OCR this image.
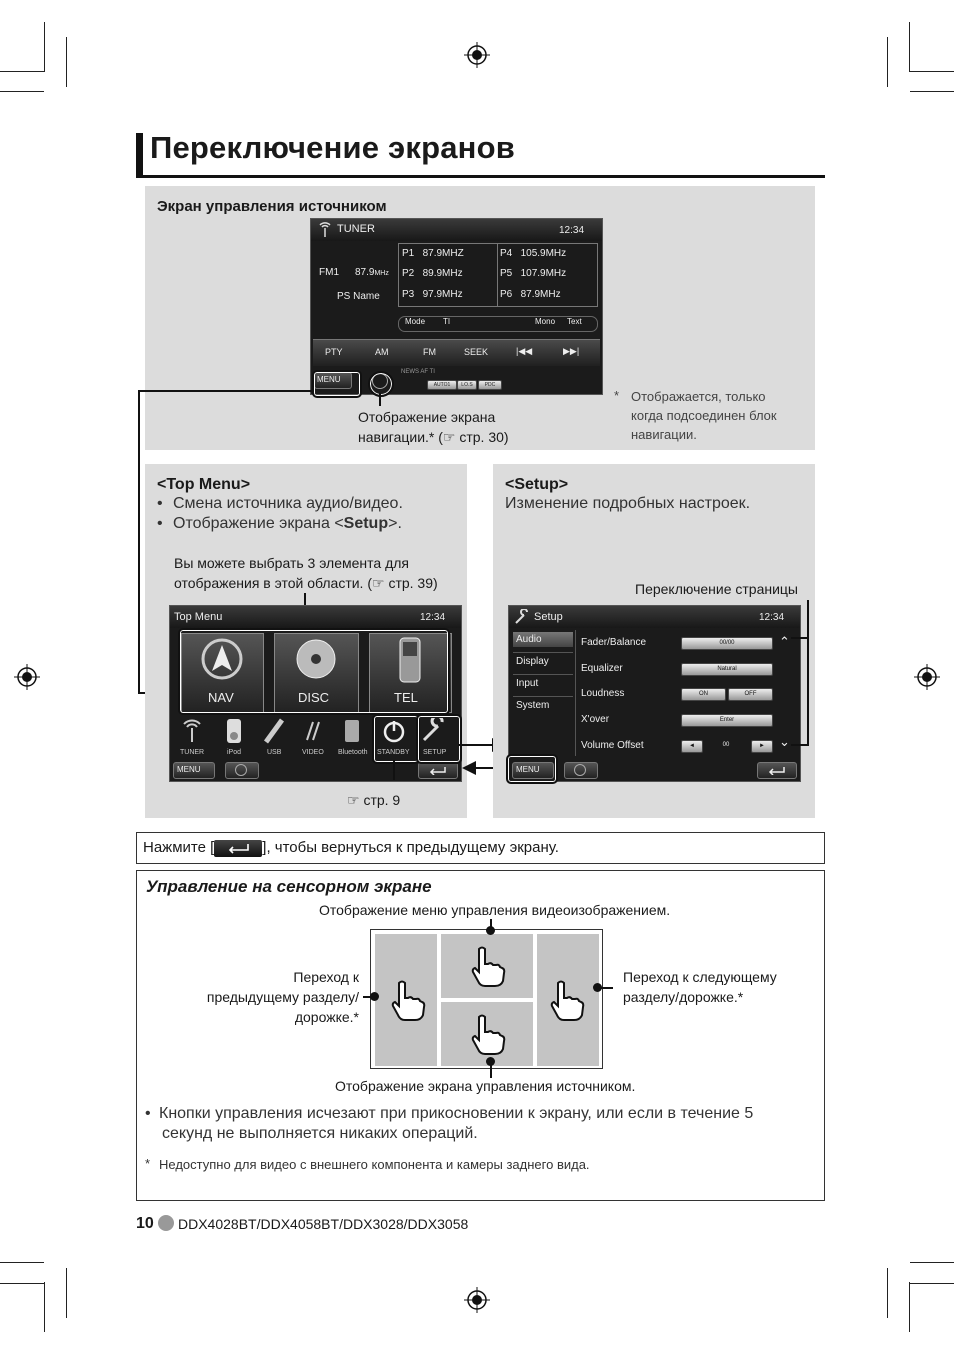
Переключение экранов
Экран управления источником
TUNER	12:34
FM1 87.9MHz
PS Name
P1 87.9MHZ
P2 89.9MHz
P3 97.9MHz
P4 105.9MHz
P5 107.9MHz
P6 87.9MHz
Mode TI	Mono Text
PTY	AM	FM	SEEK	|◀◀	▶▶|
MENU
NEWS AF TI
AUTO1	LO.S	PDC
Отображение экрана
навигации.* (☞ стр. 30)
* Отображается, только
когда подсоединен блок
навигации.
<Top Menu>
• Смена источника аудио/видео.
• Отображение экрана <Setup>.
Вы можете выбрать 3 элемента для
отображения в этой области. (☞ стр. 39)
Top Menu	12:34
NAV	DISC	TEL
TUNER	iPod	USB	VIDEO Bluetooth STANDBY SETUP
MENU
☞ стр. 9
<Setup>
Изменение подробных настроек.
Переключение страницы
Setup	12:34
Audio
Display
Input
System
Fader/Balance	00/00
Equalizer	Natural
Loudness	ON	OFF
X'over	Enter
Volume Offset	◄	00	►
⌃
⌄
MENU
Нажмите [	], чтобы вернуться к предыдущему экрану.
Управление на сенсорном экране
Отображение меню управления видеоизображением.
Переход к
предыдущему разделу/
дорожке.*
Переход к следующему
разделу/дорожке.*
Отображение экрана управления источником.
• Кнопки управления исчезают при прикосновении к экрану, или если в течение 5
секунд не выполняется никаких операций.
* Недоступно для видео с внешнего компонента и камеры заднего вида.
10 DDX4028BT/DDX4058BT/DDX3028/DDX3058
